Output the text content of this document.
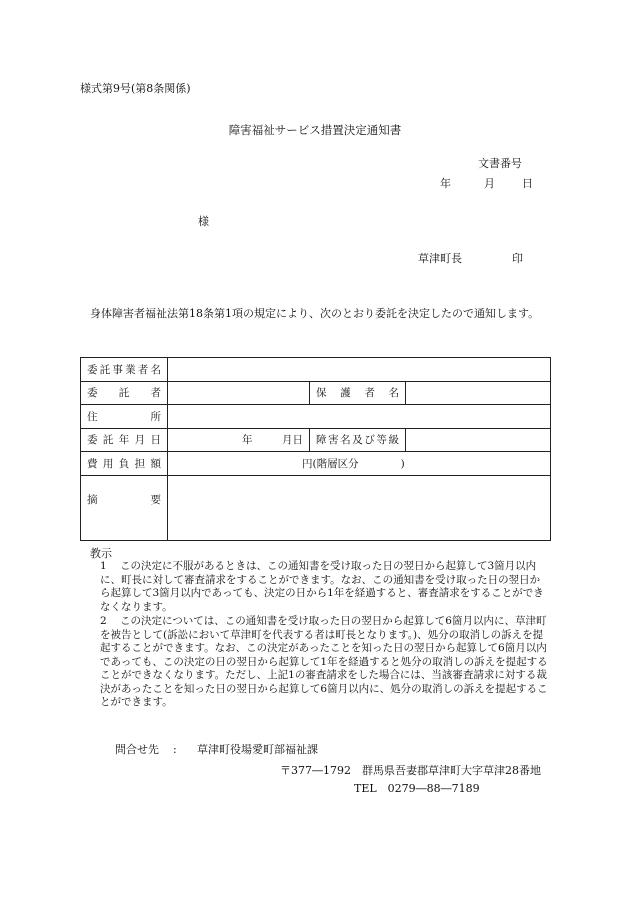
様式第9号(第8条関係)
障害福祉サービス措置決定通知書
文書番号
年	月 日
様
草津町長	印
身体障害者福祉法第18条第1項の規定により、次のとおり委託を決定したので通知します。
委託事業者名			
委　　託　　者		保　護　者　名	
住　　　　所			
委託年月日	年 月日	障害名及び等級	
費用負担額	円(階層区分　　　　)		
摘　　　　要			
教示
1	この決定に不服があるときは、この通知書を受け取った日の翌日から起算して3箇月以内に、町長に対して審査請求をすることができます。なお、この通知書を受け取った日の翌日から起算して3箇月以内であっても、決定の日から1年を経過すると、審査請求をすることができなくなります。
2	この決定については、この通知書を受け取った日の翌日から起算して6箇月以内に、草津町を被告として(訴訟において草津町を代表する者は町長となります。)、処分の取消しの訴えを提起することができます。なお、この決定があったことを知った日の翌日から起算して6箇月以内であっても、この決定の日の翌日から起算して1年を経過すると処分の取消しの訴えを提起することができなくなります。ただし、上記1の審査請求をした場合には、当該審査請求に対する裁決があったことを知った日の翌日から起算して6箇月以内に、処分の取消しの訴えを提起することができます。
問合せ先 : 草津町役場愛町部福祉課
〒377―1792　群馬県吾妻郡草津町大字草津28番地
TEL　0279―88―7189
